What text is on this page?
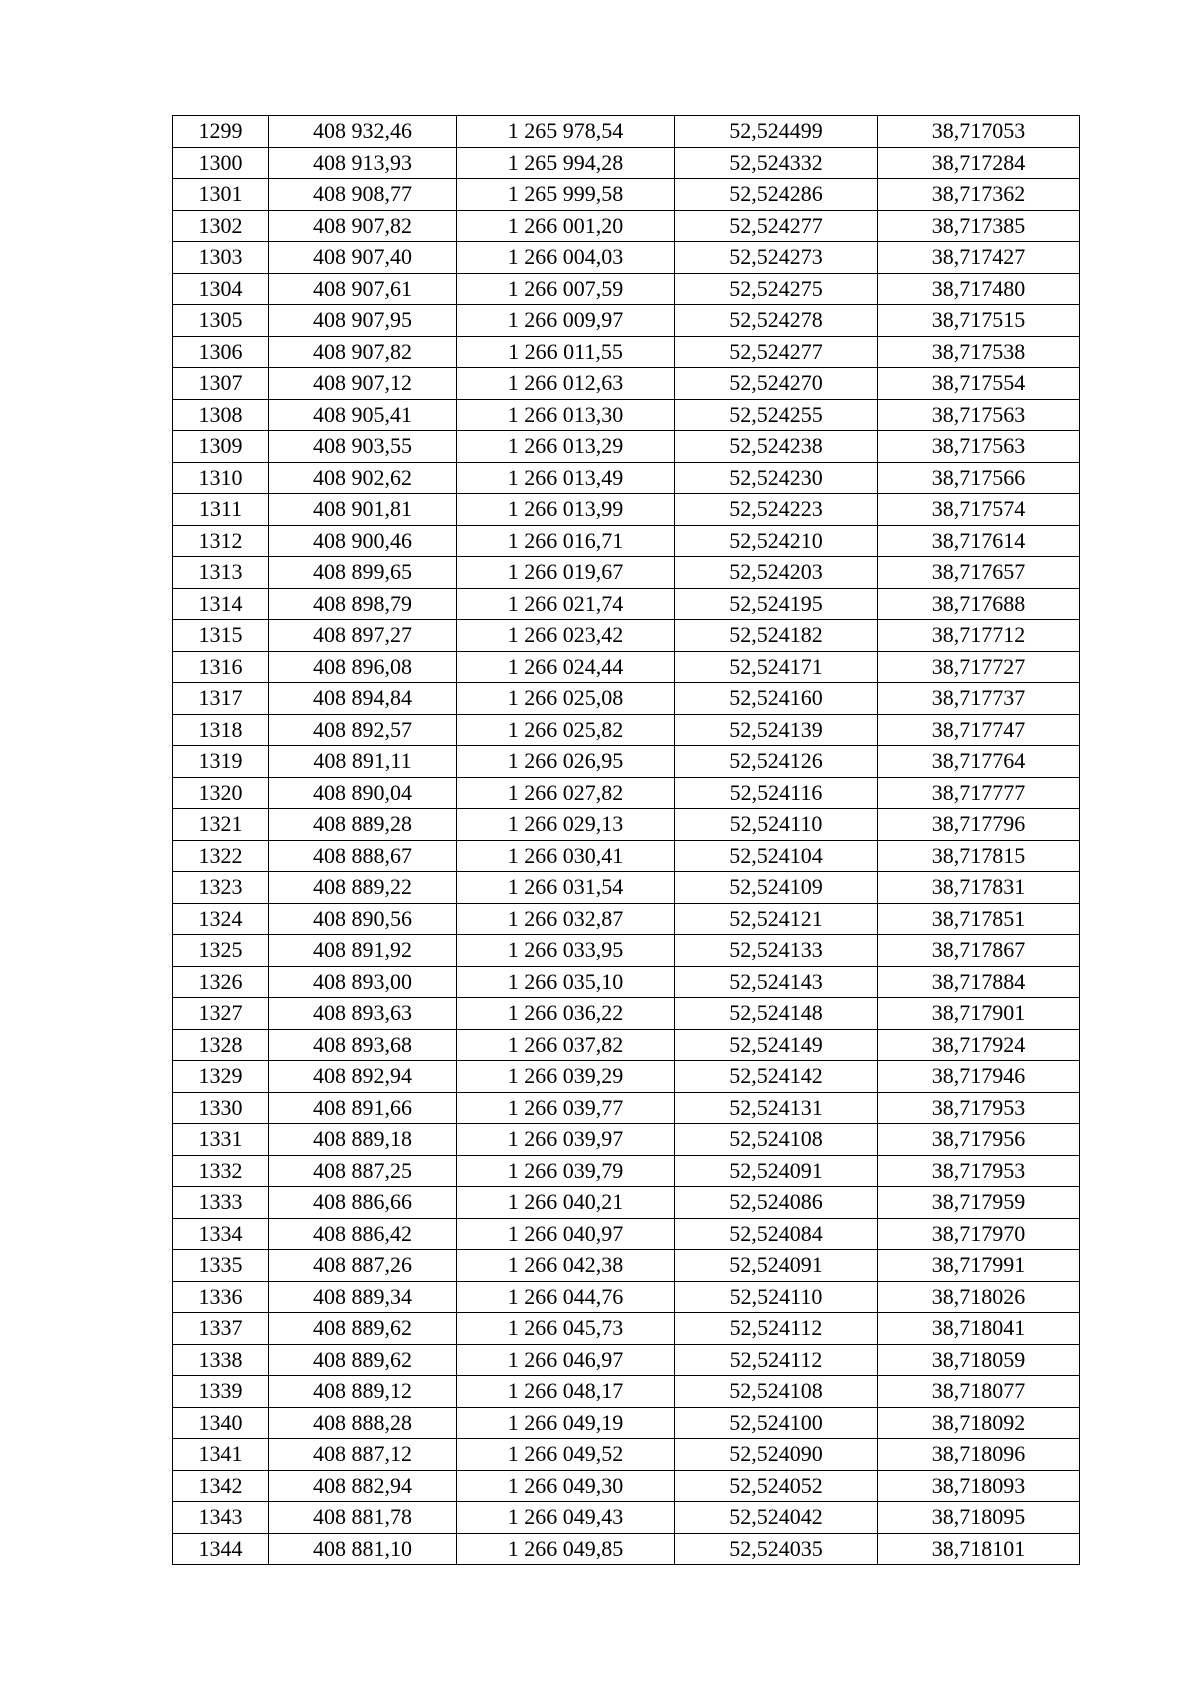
1299	408 932,46	1 265 978,54	52,524499	38,717053
1300	408 913,93	1 265 994,28	52,524332	38,717284
1301	408 908,77	1 265 999,58	52,524286	38,717362
1302	408 907,82	1 266 001,20	52,524277	38,717385
1303	408 907,40	1 266 004,03	52,524273	38,717427
1304	408 907,61	1 266 007,59	52,524275	38,717480
1305	408 907,95	1 266 009,97	52,524278	38,717515
1306	408 907,82	1 266 011,55	52,524277	38,717538
1307	408 907,12	1 266 012,63	52,524270	38,717554
1308	408 905,41	1 266 013,30	52,524255	38,717563
1309	408 903,55	1 266 013,29	52,524238	38,717563
1310	408 902,62	1 266 013,49	52,524230	38,717566
1311	408 901,81	1 266 013,99	52,524223	38,717574
1312	408 900,46	1 266 016,71	52,524210	38,717614
1313	408 899,65	1 266 019,67	52,524203	38,717657
1314	408 898,79	1 266 021,74	52,524195	38,717688
1315	408 897,27	1 266 023,42	52,524182	38,717712
1316	408 896,08	1 266 024,44	52,524171	38,717727
1317	408 894,84	1 266 025,08	52,524160	38,717737
1318	408 892,57	1 266 025,82	52,524139	38,717747
1319	408 891,11	1 266 026,95	52,524126	38,717764
1320	408 890,04	1 266 027,82	52,524116	38,717777
1321	408 889,28	1 266 029,13	52,524110	38,717796
1322	408 888,67	1 266 030,41	52,524104	38,717815
1323	408 889,22	1 266 031,54	52,524109	38,717831
1324	408 890,56	1 266 032,87	52,524121	38,717851
1325	408 891,92	1 266 033,95	52,524133	38,717867
1326	408 893,00	1 266 035,10	52,524143	38,717884
1327	408 893,63	1 266 036,22	52,524148	38,717901
1328	408 893,68	1 266 037,82	52,524149	38,717924
1329	408 892,94	1 266 039,29	52,524142	38,717946
1330	408 891,66	1 266 039,77	52,524131	38,717953
1331	408 889,18	1 266 039,97	52,524108	38,717956
1332	408 887,25	1 266 039,79	52,524091	38,717953
1333	408 886,66	1 266 040,21	52,524086	38,717959
1334	408 886,42	1 266 040,97	52,524084	38,717970
1335	408 887,26	1 266 042,38	52,524091	38,717991
1336	408 889,34	1 266 044,76	52,524110	38,718026
1337	408 889,62	1 266 045,73	52,524112	38,718041
1338	408 889,62	1 266 046,97	52,524112	38,718059
1339	408 889,12	1 266 048,17	52,524108	38,718077
1340	408 888,28	1 266 049,19	52,524100	38,718092
1341	408 887,12	1 266 049,52	52,524090	38,718096
1342	408 882,94	1 266 049,30	52,524052	38,718093
1343	408 881,78	1 266 049,43	52,524042	38,718095
1344	408 881,10	1 266 049,85	52,524035	38,718101
